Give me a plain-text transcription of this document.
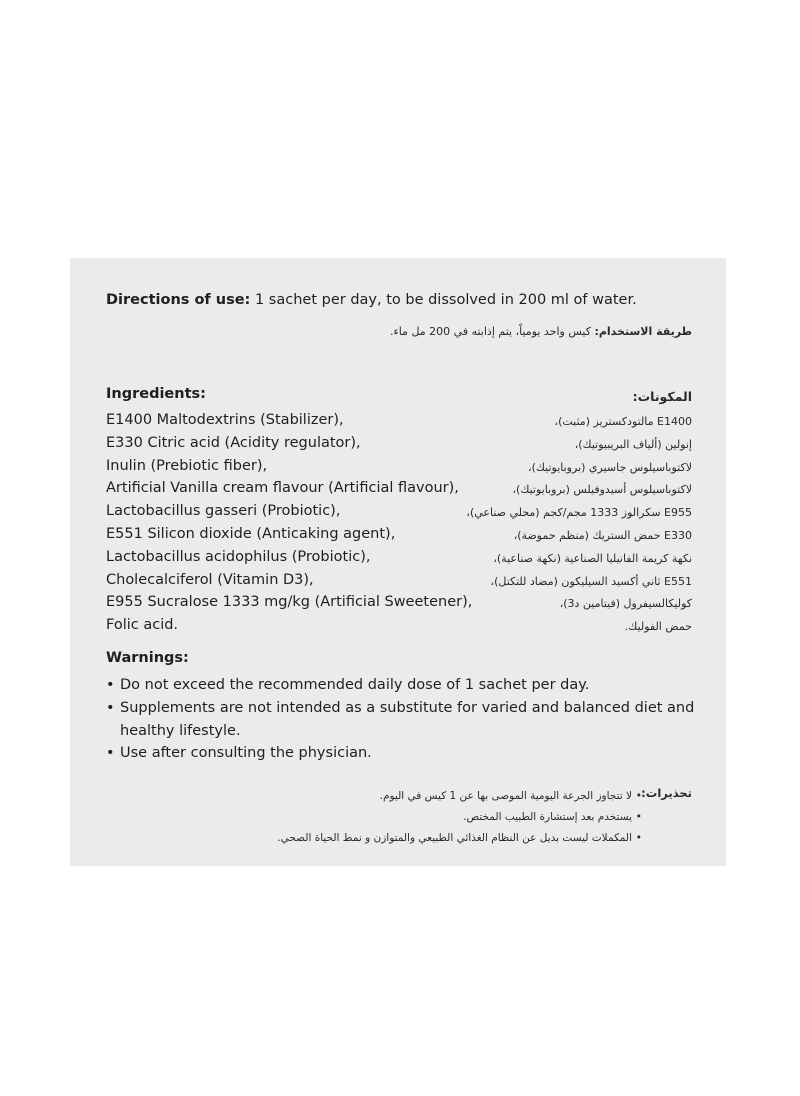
Directions of use: 1 sachet per day, to be dissolved in 200 ml of water.
طريقة الاستخدام: كيس واحد يومياً، يتم إذابته في 200 مل ماء.
Ingredients:
E1400 Maltodextrins (Stabilizer),
E330 Citric acid (Acidity regulator),
Inulin (Prebiotic fiber),
Artificial Vanilla cream flavour (Artificial flavour),
Lactobacillus gasseri (Probiotic),
E551 Silicon dioxide (Anticaking agent),
Lactobacillus acidophilus (Probiotic),
Cholecalciferol (Vitamin D3),
E955 Sucralose 1333 mg/kg (Artificial Sweetener),
Folic acid.
المكونات:
E1400 مالتودكستريز (مثبت)،
إنولين (ألياف البريبيوتيك)،
لاكتوباسيلوس جاسيري (بروبايوتيك)،
لاكتوباسيلوس أسيدوفيلس (بروبايوتيك)،
E955 سكرالوز 1333 مجم/كجم (محلي صناعي)،
E330 حمض الستريك (منظم حموضة)،
نكهة كريمة الفانيليا الصناعية (نكهة صناعية)،
E551 ثاني أكسيد السيليكون (مضاد للتكتل)،
كوليكالسيفرول (فيتامين د3)،
حمض الفوليك.
Warnings:
• Do not exceed the recommended daily dose of 1 sachet per day.
• Supplements are not intended as a substitute for varied and balanced diet and healthy lifestyle.
• Use after consulting the physician.
تحذيرات:
• لا تتجاوز الجرعة اليومية الموصى بها عن 1 كيس في اليوم.
• يستخدم بعد إستشارة الطبيب المختص.
• المكملات ليست بديل عن النظام الغذائي الطبيعي والمتوازن و نمط الحياة الصحي.
